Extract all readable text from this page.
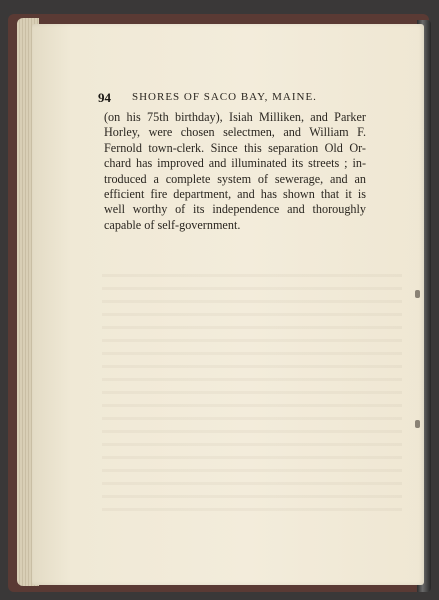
94 SHORES OF SACO BAY, MAINE.
(on his 75th birthday), Isiah Milliken, and Parker
Horley, were chosen selectmen, and William F.
Fernold town-clerk. Since this separation Old Or-
chard has improved and illuminated its streets ; in-
troduced a complete system of sewerage, and an
efficient fire department, and has shown that it is
well worthy of its independence and thoroughly
capable of self-government.
